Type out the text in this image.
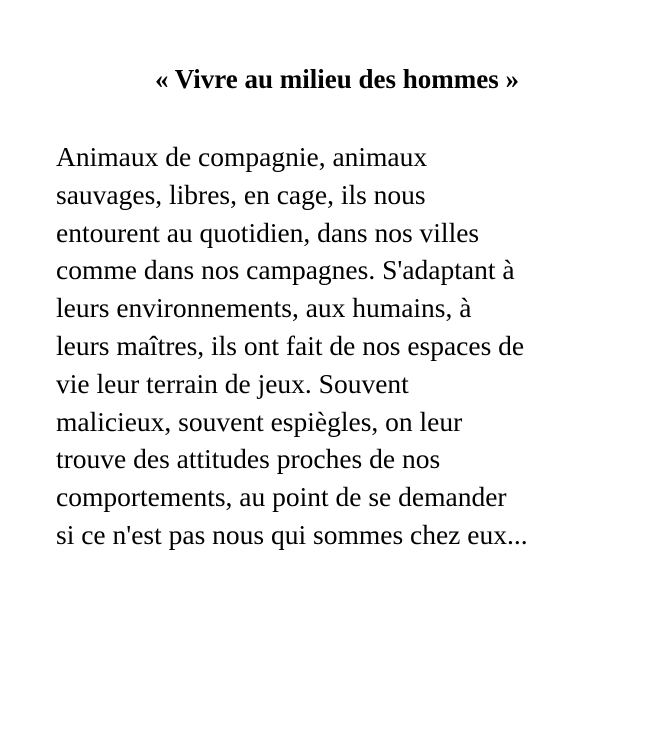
« Vivre au milieu des hommes »

Animaux de compagnie, animaux
sauvages, libres, en cage, ils nous
entourent au quotidien, dans nos villes
comme dans nos campagnes. S'adaptant à
leurs environnements, aux humains, à
leurs maîtres, ils ont fait de nos espaces de
vie leur terrain de jeux. Souvent
malicieux, souvent espiègles, on leur
trouve des attitudes proches de nos
comportements, au point de se demander
si ce n'est pas nous qui sommes chez eux...
